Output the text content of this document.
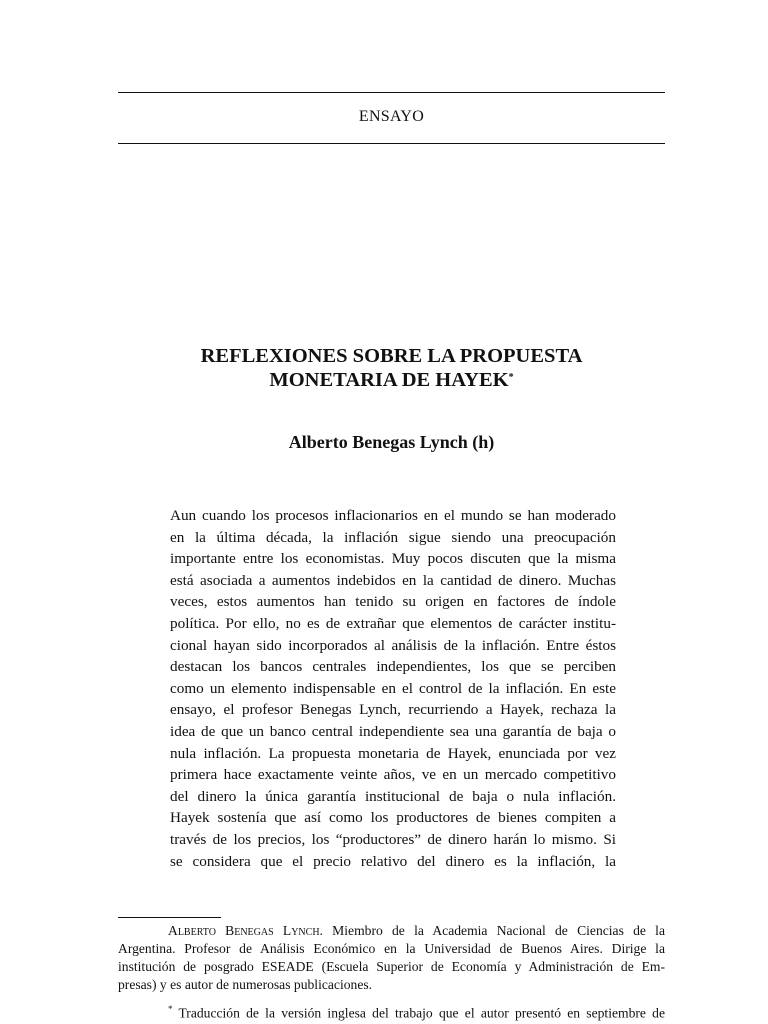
ENSAYO
REFLEXIONES SOBRE LA PROPUESTA
MONETARIA DE HAYEK*
Alberto Benegas Lynch (h)
Aun cuando los procesos inflacionarios en el mundo se han moderado
en la última década, la inflación sigue siendo una preocupación
importante entre los economistas. Muy pocos discuten que la misma
está asociada a aumentos indebidos en la cantidad de dinero. Muchas
veces, estos aumentos han tenido su origen en factores de índole
política. Por ello, no es de extrañar que elementos de carácter institu-
cional hayan sido incorporados al análisis de la inflación. Entre éstos
destacan los bancos centrales independientes, los que se perciben
como un elemento indispensable en el control de la inflación. En este
ensayo, el profesor Benegas Lynch, recurriendo a Hayek, rechaza la
idea de que un banco central independiente sea una garantía de baja o
nula inflación. La propuesta monetaria de Hayek, enunciada por vez
primera hace exactamente veinte años, ve en un mercado competitivo
del dinero la única garantía institucional de baja o nula inflación.
Hayek sostenía que así como los productores de bienes compiten a
través de los precios, los “productores” de dinero harán lo mismo. Si
se considera que el precio relativo del dinero es la inflación, la
Alberto Benegas Lynch. Miembro de la Academia Nacional de Ciencias de la
Argentina. Profesor de Análisis Económico en la Universidad de Buenos Aires. Dirige la
institución de posgrado ESEADE (Escuela Superior de Economía y Administración de Em-
presas) y es autor de numerosas publicaciones.
* Traducción de la versión inglesa del trabajo que el autor presentó en septiembre de
